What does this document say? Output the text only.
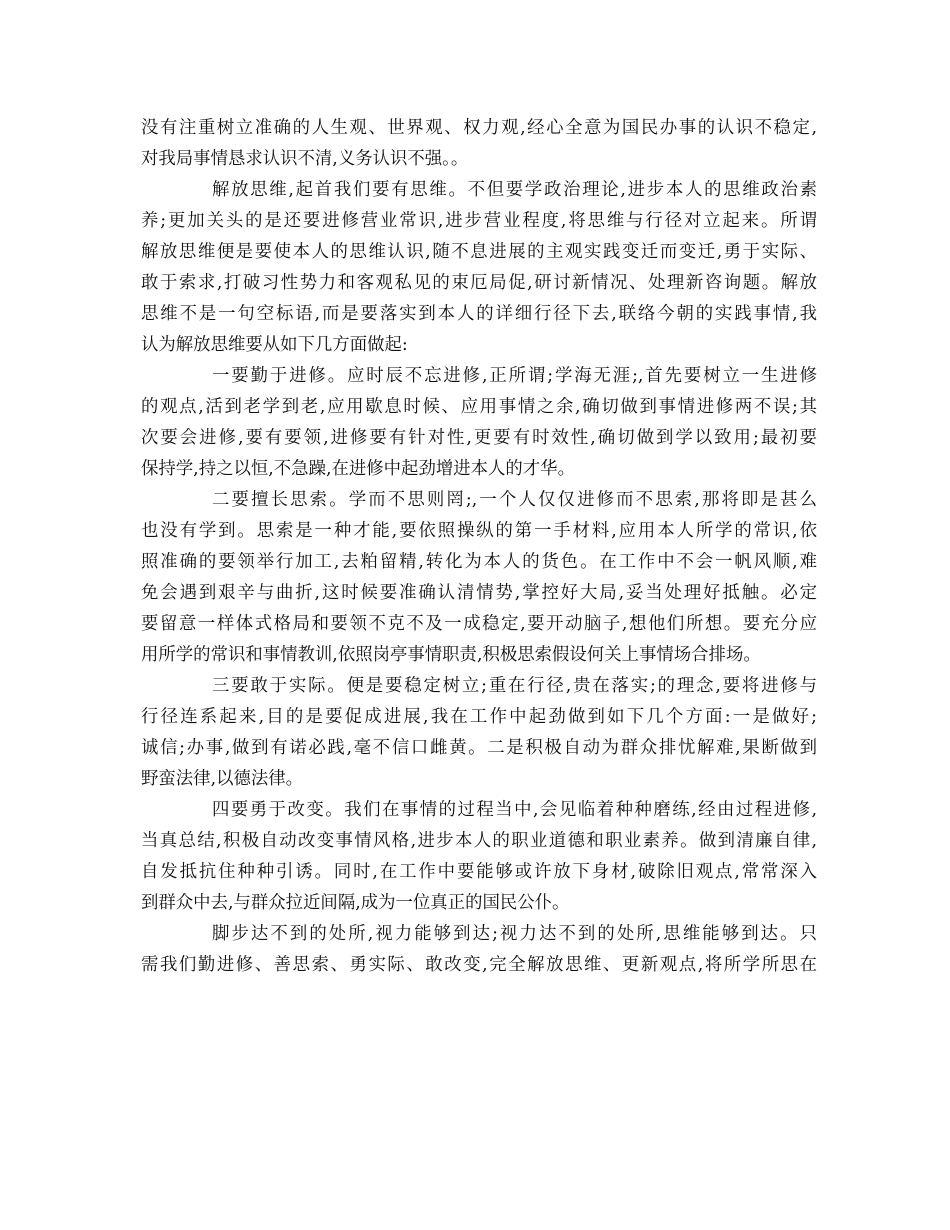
没有注重树立准确的人生观、世界观、权力观,经心全意为国民办事的认识不稳定,
对我局事情恳求认识不清,义务认识不强。。
解放思维,起首我们要有思维。不但要学政治理论,进步本人的思维政治素
养;更加关头的是还要进修营业常识,进步营业程度,将思维与行径对立起来。所谓
解放思维便是要使本人的思维认识,随不息进展的主观实践变迁而变迁,勇于实际、
敢于索求,打破习性势力和客观私见的束厄局促,研讨新情况、处理新咨询题。解放
思维不是一句空标语,而是要落实到本人的详细行径下去,联络今朝的实践事情,我
认为解放思维要从如下几方面做起:
一要勤于进修。应时辰不忘进修,正所谓;学海无涯;,首先要树立一生进修
的观点,活到老学到老,应用歇息时候、应用事情之余,确切做到事情进修两不误;其
次要会进修,要有要领,进修要有针对性,更要有时效性,确切做到学以致用;最初要
保持学,持之以恒,不急躁,在进修中起劲增进本人的才华。
二要擅长思索。学而不思则罔;,一个人仅仅进修而不思索,那将即是甚么
也没有学到。思索是一种才能,要依照操纵的第一手材料,应用本人所学的常识,依
照准确的要领举行加工,去粕留精,转化为本人的货色。在工作中不会一帆风顺,难
免会遇到艰辛与曲折,这时候要准确认清情势,掌控好大局,妥当处理好抵触。必定
要留意一样体式格局和要领不克不及一成稳定,要开动脑子,想他们所想。要充分应
用所学的常识和事情教训,依照岗亭事情职责,积极思索假设何关上事情场合排场。
三要敢于实际。便是要稳定树立;重在行径,贵在落实;的理念,要将进修与
行径连系起来,目的是要促成进展,我在工作中起劲做到如下几个方面:一是做好;
诚信;办事,做到有诺必践,毫不信口雌黄。二是积极自动为群众排忧解难,果断做到
野蛮法律,以德法律。
四要勇于改变。我们在事情的过程当中,会见临着种种磨练,经由过程进修,
当真总结,积极自动改变事情风格,进步本人的职业道德和职业素养。做到清廉自律,
自发抵抗住种种引诱。同时,在工作中要能够或许放下身材,破除旧观点,常常深入
到群众中去,与群众拉近间隔,成为一位真正的国民公仆。
脚步达不到的处所,视力能够到达;视力达不到的处所,思维能够到达。只
需我们勤进修、善思索、勇实际、敢改变,完全解放思维、更新观点,将所学所思在
